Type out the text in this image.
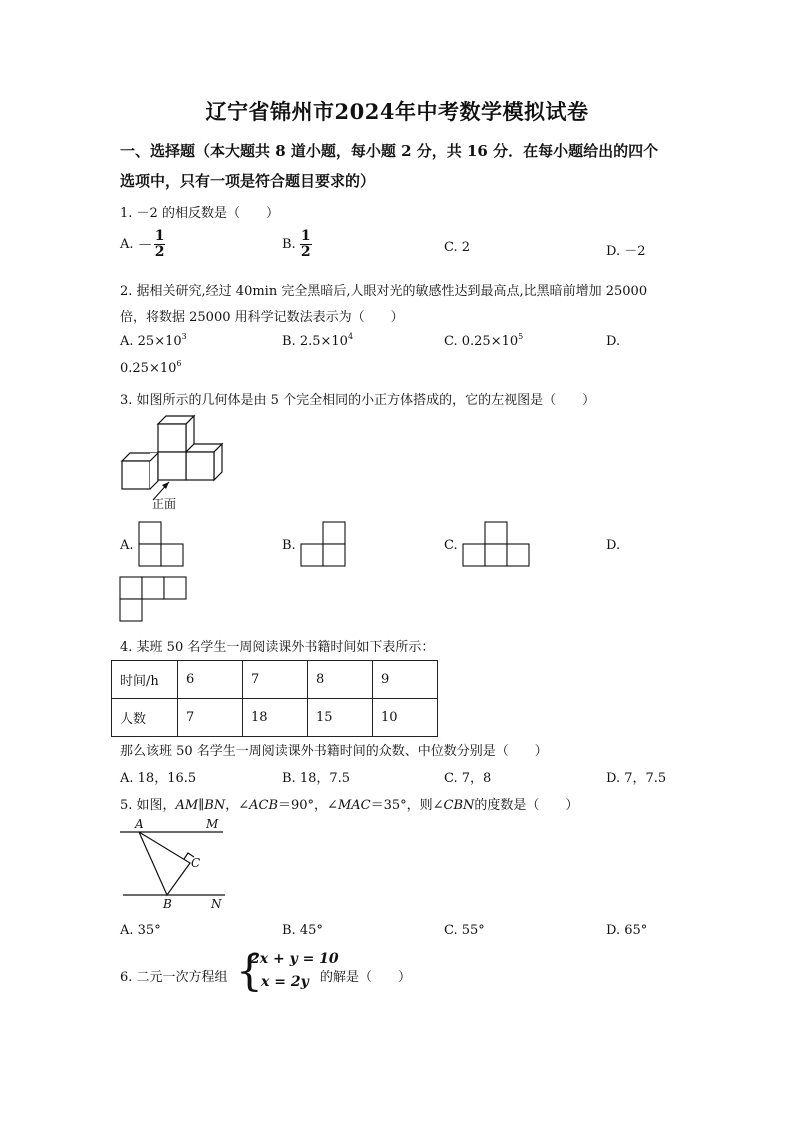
辽宁省锦州市2024年中考数学模拟试卷
一、选择题（本大题共 8 道小题，每小题 2 分，共 16 分．在每小题给出的四个
选项中，只有一项是符合题目要求的）
1. －2 的相反数是（　　）
A. － $\frac{1}{2}$	B. $\frac{1}{2}$	C. 2	D. －2
2. 据相关研究,经过 40min 完全黑暗后,人眼对光的敏感性达到最高点,比黑暗前增加 25000
倍，将数据 25000 用科学记数法表示为（　　）
A. $25\times 10^3$	B. $2.5\times 10^4$	C. $0.25\times 10^5$	D.
$0.25\times 10^6$
3. 如图所示的几何体是由 5 个完全相同的小正方体搭成的，它的左视图是（　　）
正面
A.	B.	C.	D.
4. 某班 50 名学生一周阅读课外书籍时间如下表所示：
时间/h	6	7	8	9
人数	7	18	15	10
那么该班 50 名学生一周阅读课外书籍时间的众数、中位数分别是（　　）
A. 18，16.5	B. 18，7.5	C. 7，8	D. 7，7.5
5. 如图，AM∥BN，∠ACB＝90°，∠MAC＝35°，则∠CBN的度数是（　　）
A	M
C
B	N
A. 35°	B. 45°	C. 55°	D. 65°
6. 二元一次方程组 {
2x + y = 10
x = 2y 的解是（　　）
